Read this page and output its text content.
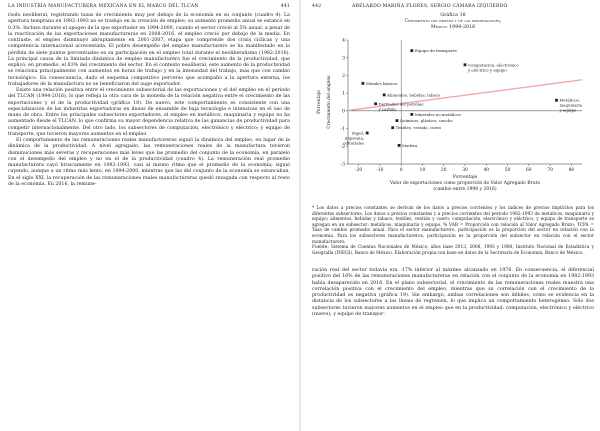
LA INDUSTRIA MANUFACTURERA MEXICANA EN EL MARCO DEL TLCAN	441

riodo neoliberal, registrando tasas de crecimiento muy por debajo de la economía en su conjunto (cuadro 4). La apertura temprana en 1982-1993 no se tradujo en la creación de empleo; su aumento promedio anual se estancó en 0.3%. Incluso durante el apogeo de la que exportador en 1994-2000, cuando el sector creció al 5% anual, a pesar de la reactivación de las exportaciones manufactureras en 2008-2016, el empleo creció por debajo de la media. En contraste, el empleo disminuyó abruptamente en 2001-2007, etapa que comprende dos crisis cíclicas y una competencia internacional acrecentada. El pobre desempeño del empleo manufacturero se ha manifestado en la pérdida de siete puntos porcentuales en su participación en el empleo total durante el neoliberalismo (1982-2016). La principal causa de la limitada dinámica de empleo manufacturero fue el crecimiento de la productividad, que explicó, en promedio, el 83% del crecimiento del sector. En el contexto neoliberal, este aumento de la productividad se relaciona principalmente con aumentos en horas de trabajo y en la intensidad del trabajo, más que con cambio tecnológico. En consecuencia, dado el esquema competitivo perverso que acompañó a la apertura externa, los trabajadores de la manufactura no se beneficiaron del auge exportador.

Existe una relación positiva entre el crecimiento subsectorial de las exportaciones y el del empleo en el periodo del TLCAN (1994-2016), lo que refleja la otra cara de la moneda de la relación negativa entre el crecimiento de las exportaciones y el de la productividad (gráfica 18). De nuevo, este comportamiento es consistente con una especialización de las industrias exportadoras en líneas de ensamble de baja tecnología e intensivas en el uso de mano de obra. Entre los principales subsectores exportadores, el empleo en metálicos, maquinaria y equipo no ha aumentado desde el TLCAN, lo que confirma su mayor dependencia relativa de las ganancias de productividad para competir internacionalmente. Del otro lado, los subsectores de computación, electrónico y eléctrico; y equipo de transporte, que tuvieron mayores aumentos en el empleo.

El comportamiento de las remuneraciones reales manufactureras siguió la dinámica del empleo, en lugar de la dinámica de la productividad. A nivel agregado, las remuneraciones reales de la manufactura tuvieron disminuciones más severas y recuperaciones más leves que las promedio del conjunto de la economía, en paralelo con el desempeño del empleo y no en el de la productividad (cuadro 4). La remuneración real promedio manufacturera cayó bruscamente en 1982-1993, casi al mismo ritmo que el promedio de la economía; siguió cayendo, aunque a un ritmo más lento, en 1994-2000, mientras que las del conjunto de la economía se estancaban. En el siglo XXI, la recuperación de las remuneraciones reales manufactureras quedó rezagada con respecto al resto de la economía. En 2016, la remune-

442	ABELARDO MARIÑA FLORES, SERGIO CÁMARA IZQUIERDO
Gráfica 18
Crecimiento del empleo y de las exportaciones,
México: 1994-2016
-3
-2
-1
0
1
2
3
4
-20	-10	0	10	20	30	40	50	60	70	80
Equipo de transporte
Computación, electrónico
y eléctrico y equipo
Metales básicos
Alimentos, bebidas, tabaco
Derivados del petróleo
y carbón
Metálicos,
maquinaria
y equipo
Minerales no metálicos
Químicos, plástico, caucho
Textiles, vestido, cuero
Papel,
imprenta,
editoriales	Madera
Porcentaje Crecimiento del empleo
Porcentaje
Valor de exportaciones como proporción de Valor Agregado Bruto
(cambio entre 1998 y 2016)

* Los datos a precios constantes se derivan de los datos a precios corrientes y los índices de precios implícitos para los diferentes subsectores. Los datos a precios constantes y a precios corrientes del periodo 1982-1993 de metálicos, maquinaria y equipo; alimentos, bebidas y tabaco; textiles, vestido y cuero; computación, electrónico y eléctrico; y equipo de transporte se agregan en un subsector: metálicos, maquinaria y equipo. % VAB = Proporción con relación al Valor Agregado Bruto; TCPA = Tasa de cambio promedio anual. Para el sector manufacturero, participación es la proporción del sector en relación con la economía. Para los subsectores manufactureros, participación es la proporción del subsector en relación con el sector manufacturero.

Fuente: Sistema de Cuentas Nacionales de México, años base 2013, 2008, 1993 y 1980, Instituto Nacional de Estadística y Geografía (INEGI), Banco de México. Elaboración propia con base en datos de la Secretaría de Economía, Banco de México.

ración real del sector todavía era -17% inferior al máximo alcanzado en 1976. En consecuencia, el diferencial positivo del 16% de las remuneraciones manufactureras en relación con el conjunto de la economía en 1982-1993 había desaparecido en 2016. En el plano subsectorial, el crecimiento de las remuneraciones reales muestra una correlación positiva con el crecimiento del empleo, mientras que su correlación con el crecimiento de la productividad es negativa (gráfica 19). Sin embargo, ambas correlaciones son débiles, como se evidencia en la distancia de los subsectores a las líneas de regresión, lo que implica un comportamiento heterogéneo. Sólo dos subsectores tuvieron mayores aumentos en el empleo que en la productividad: computación, electrónico y eléctrico (nueve); y equipo de transpor-
